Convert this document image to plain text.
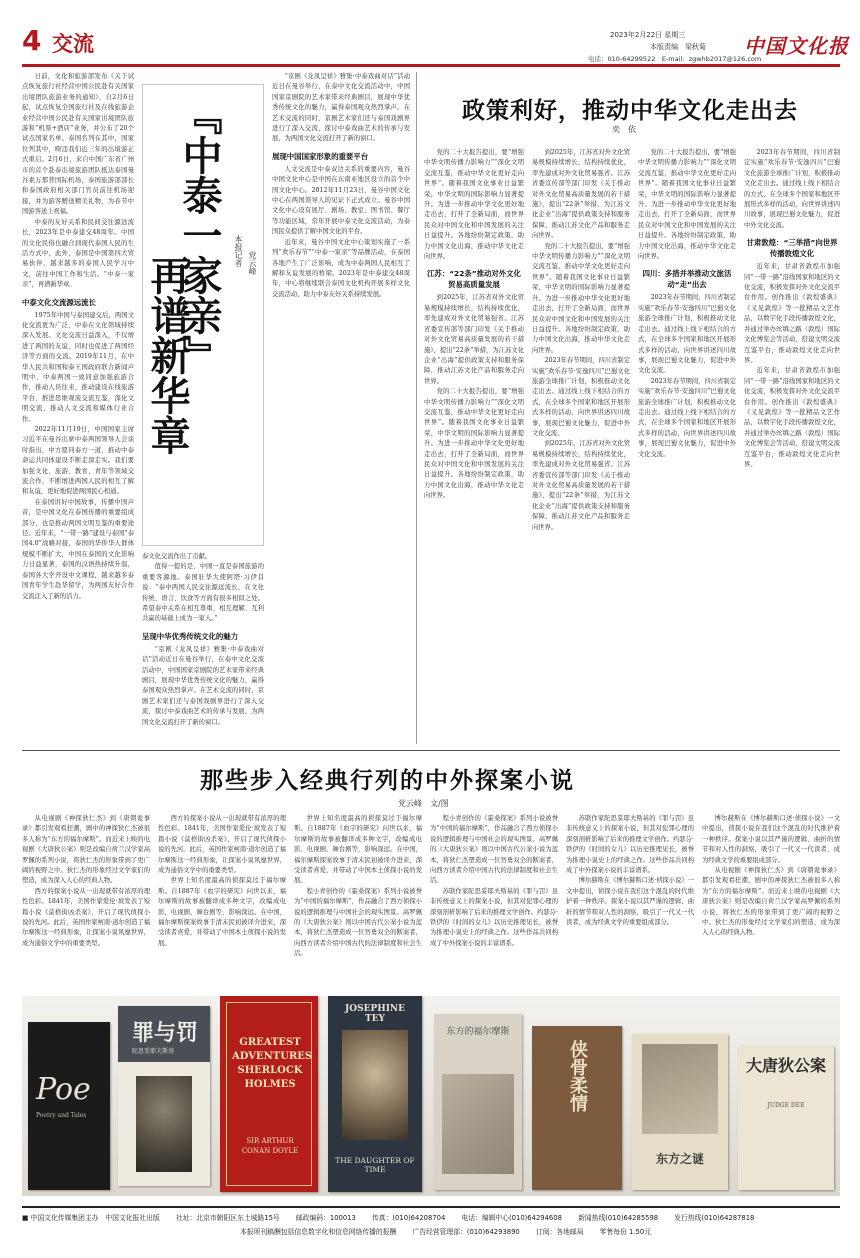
4 交流	2023年2月22日 星期三
本版责编　梁秋菊
电话：010-64299522　E-mail：zgwhb2017@126.com
中国文化报

日前，文化和旅游部发布《关于试点恢复旅行社经营中国公民赴有关国家出境团队旅游业务的通知》，自2月6日起，试点恢复全国旅行社及在线旅游企业经营中国公民赴有关国家出境团队旅游和“机票+酒店”业务，并公布了20个试点国家名单。泰国名列在其中，国家位列其中，暌违我们近三年的出境游正式重启。2月6日，来自中国广东省广州市的首个赴泰出境旅游团队抵达泰国曼谷素万那普国际机场，泰国旅游部部长和泰国政府相关部门官员前往机场迎接，并为游客赠送精美礼物，为春节中国游客送上祝福。

中泰的友好关系和民间交往源远流长，2023年是中泰建交48周年。中国的文化民俗也融合到现代泰国人民的生活方式中，此外，泰国是中国第四大贸易伙伴，越来越多的泰国人民学习中文，前往中国工作和生活。“中泰一家亲”，再谱新华章。

中泰文化交流源远流长

1975年中国与泰国建交后，两国文化交流更为广泛，中泰在文化领域持续深入发展。文化交流日益深入，不仅增进了两国的友谊，同时也促进了两国经济等方面的交流。2019年11月，在中华人民共和国和泰王国政府联合新闻声明中，中泰两国一致同意加强旅游合作，推动人员往来，推动建设在线旅游平台，推进思维观流交流互鉴，深化文明交流，推动人文交流和媒体行业合作。

2022年11月19日，中国国家主席习近平在曼谷出席中泰两国领导人会谈时指出，中方愿同泰方一道，推动中泰命运共同体建设不断走深走实。我们要加强文化、旅游、教育、青年等领域交流合作，不断增进两国人民的相互了解和友谊，更好地促进两国民心相通。

在泰国讲好中国故事，传播中国声音，是中国文化在泰国传播的重要组成部分，也是推动两国文明互鉴的重要途径。近年来，“一带一路”建设与泰国“泰国4.0”战略对接，泰国的华侨华人群体规模不断扩大，中国在泰国的文化影响力日益显著，泰国的汉语热持续升温，泰国各大学开设中文课程，越来越多泰国青年学生赴华留学，为两国友好合作交流注入了新的活力。

『中泰一家亲』
再谱新华章
本报记者 党云峰

泰文化交流作出了贡献。

值得一提的是，中国一直是泰国旅游的重要客源地。泰国驻华大使阿塔·习伊目说：“泰中两国人民交往源远流长，在文化传统、语言、饮食等方面有很多相似之处。希望泰中关系在相互尊重、相互理解、互利共赢的基础上成为一家人。”

呈现中华优秀传统文化的魅力

“京剧《龙凤呈祥》雅集·中泰戏曲对话”活动近日在曼谷举行，在泰中文化交流活动中，中国国家京剧院的艺术家带来经典剧目，展现中华优秀传统文化的魅力，赢得泰国观众热烈掌声。在艺术交流的同时，京剧艺术家们还与泰国戏剧界进行了深入交流，探讨中泰戏曲艺术的传承与发展，为两国文化交流打开了新的窗口。

“京剧《龙凤呈祥》雅集·中泰戏曲对话”活动近日在曼谷举行，在泰中文化交流活动中，中国国家京剧院的艺术家带来经典剧目，展现中华优秀传统文化的魅力，赢得泰国观众热烈掌声。在艺术交流的同时，京剧艺术家们还与泰国戏剧界进行了深入交流，探讨中泰戏曲艺术的传承与发展，为两国文化交流打开了新的窗口。

展现中国国家形象的重要平台

人文交流是中泰双边关系的重要内容，曼谷中国文化中心是中国在东南亚地区设立的首个中国文化中心。2012年11月23日，曼谷中国文化中心在两国领导人的见证下正式成立。曼谷中国文化中心设有展厅、剧场、教室、图书馆、餐厅等功能区域，常年开展中泰文化交流活动，为泰国民众提供了解中国文化的平台。

近年来，曼谷中国文化中心策划实施了一系列“欢乐春节”“中泰一家亲”等品牌活动，在泰国各地产生了广泛影响，成为中泰两国人民相互了解和友谊发展的桥梁。2023年是中泰建交48周年，中心将继续联合泰国文化机构开展多样文化交流活动，助力中泰友好关系持续发展。

政策利好，推动中华文化走出去
奕　依

党的二十大报告提出，要“增强中华文明传播力影响力”“深化文明交流互鉴，推动中华文化更好走向世界”。随着我国文化事业日益繁荣，中华文明的国际影响力显著提升。为进一步推动中华文化更好地走出去，打开了全新局面，而世界民众对中国文化和中国发展的关注日益提升。各地纷纷制定政策，助力中国文化出海，推动中华文化走向世界。

江苏：“22条”推动对外文化贸易高质量发展

到2025年，江苏省对外文化贸易规模持续增长，结构持续优化，率先建成对外文化贸易强省。江苏省委宣传部等部门印发《关于推动对外文化贸易高质量发展的若干措施》，提出“22条”举措，为江苏文化企业“出海”提供政策支持和服务保障，推动江苏文化产品和服务走向世界。

党的二十大报告提出，要“增强中华文明传播力影响力”“深化文明交流互鉴，推动中华文化更好走向世界”。随着我国文化事业日益繁荣，中华文明的国际影响力显著提升。为进一步推动中华文化更好地走出去，打开了全新局面，而世界民众对中国文化和中国发展的关注日益提升。各地纷纷制定政策，助力中国文化出海，推动中华文化走向世界。

到2025年，江苏省对外文化贸易规模持续增长，结构持续优化，率先建成对外文化贸易强省。江苏省委宣传部等部门印发《关于推动对外文化贸易高质量发展的若干措施》，提出“22条”举措，为江苏文化企业“出海”提供政策支持和服务保障，推动江苏文化产品和服务走向世界。

党的二十大报告提出，要“增强中华文明传播力影响力”“深化文明交流互鉴，推动中华文化更好走向世界”。随着我国文化事业日益繁荣，中华文明的国际影响力显著提升。为进一步推动中华文化更好地走出去，打开了全新局面，而世界民众对中国文化和中国发展的关注日益提升。各地纷纷制定政策，助力中国文化出海，推动中华文化走向世界。

2023年春节期间，四川省制定实施“欢乐春节·安逸四川”巴蜀文化旅游全球推广计划，积极推动文化走出去。通过线上线下相结合的方式，在全球多个国家和地区开展形式多样的活动，向世界讲述四川故事，展现巴蜀文化魅力，促进中外文化交流。

到2025年，江苏省对外文化贸易规模持续增长，结构持续优化，率先建成对外文化贸易强省。江苏省委宣传部等部门印发《关于推动对外文化贸易高质量发展的若干措施》，提出“22条”举措，为江苏文化企业“出海”提供政策支持和服务保障，推动江苏文化产品和服务走向世界。

党的二十大报告提出，要“增强中华文明传播力影响力”“深化文明交流互鉴，推动中华文化更好走向世界”。随着我国文化事业日益繁荣，中华文明的国际影响力显著提升。为进一步推动中华文化更好地走出去，打开了全新局面，而世界民众对中国文化和中国发展的关注日益提升。各地纷纷制定政策，助力中国文化出海，推动中华文化走向世界。

四川：多措并举推动文旅活动“走”出去

2023年春节期间，四川省制定实施“欢乐春节·安逸四川”巴蜀文化旅游全球推广计划，积极推动文化走出去。通过线上线下相结合的方式，在全球多个国家和地区开展形式多样的活动，向世界讲述四川故事，展现巴蜀文化魅力，促进中外文化交流。

2023年春节期间，四川省制定实施“欢乐春节·安逸四川”巴蜀文化旅游全球推广计划，积极推动文化走出去。通过线上线下相结合的方式，在全球多个国家和地区开展形式多样的活动，向世界讲述四川故事，展现巴蜀文化魅力，促进中外文化交流。

2023年春节期间，四川省制定实施“欢乐春节·安逸四川”巴蜀文化旅游全球推广计划，积极推动文化走出去。通过线上线下相结合的方式，在全球多个国家和地区开展形式多样的活动，向世界讲述四川故事，展现巴蜀文化魅力，促进中外文化交流。

甘肃敦煌：“三举措”向世界传播敦煌文化

近年来，甘肃省敦煌市加强同“一带一路”沿线国家和地区的文化交流，积极发挥对外文化交流平台作用。创作推出《敦煌盛典》《又见敦煌》等一批精品文艺作品，以数字化手段传播敦煌文化，并通过举办丝绸之路（敦煌）国际文化博览会等活动，搭建文明交流互鉴平台，推动敦煌文化走向世界。

近年来，甘肃省敦煌市加强同“一带一路”沿线国家和地区的文化交流，积极发挥对外文化交流平台作用。创作推出《敦煌盛典》《又见敦煌》等一批精品文艺作品，以数字化手段传播敦煌文化，并通过举办丝绸之路（敦煌）国际文化博览会等活动，搭建文明交流互鉴平台，推动敦煌文化走向世界。

那些步入经典行列的中外探案小说
党云峰　文/图

从电视剧《神探狄仁杰》到《唐朝诡事录》都引发观看狂潮，剧中的神探狄仁杰被很多人称为“东方的福尔摩斯”。而近来上映的电视剧《大唐狄公案》则是改编自荷兰汉学家高罗佩的系列小说，将狄仁杰的形象带到了更广阔的视野之中。狄仁杰的形象经过文学家们的塑造，成为深入人心的经典人物。

西方的探案小说从一出现就带有浓厚的理性色彩。1841年，美国作家爱伦·坡发表了短篇小说《莫格街凶杀案》，开启了现代侦探小说的先河。此后，英国作家柯南·道尔创造了福尔摩斯这一经典形象，让探案小说风靡世界，成为通俗文学中的重要类型。

西方的探案小说从一出现就带有浓厚的理性色彩。1841年，美国作家爱伦·坡发表了短篇小说《莫格街凶杀案》，开启了现代侦探小说的先河。此后，英国作家柯南·道尔创造了福尔摩斯这一经典形象，让探案小说风靡世界，成为通俗文学中的重要类型。

世界上知名度最高的侦探莫过于福尔摩斯。自1887年《血字的研究》问世以来，福尔摩斯的故事被翻译成多种文字，改编成电影、电视剧、舞台剧等，影响深远。在中国，福尔摩斯探案故事于清末民初被译介进来，深受读者喜爱，并带动了中国本土侦探小说的发展。

世界上知名度最高的侦探莫过于福尔摩斯。自1887年《血字的研究》问世以来，福尔摩斯的故事被翻译成多种文字，改编成电影、电视剧、舞台剧等，影响深远。在中国，福尔摩斯探案故事于清末民初被译介进来，深受读者喜爱，并带动了中国本土侦探小说的发展。

程小青创作的《霍桑探案》系列小说被誉为“中国的福尔摩斯”，作品融合了西方侦探小说的逻辑推理与中国社会的现实图景。高罗佩的《大唐狄公案》则以中国古代公案小说为蓝本，将狄仁杰塑造成一位智勇双全的断案者，向西方读者介绍中国古代的法律制度和社会生活。

程小青创作的《霍桑探案》系列小说被誉为“中国的福尔摩斯”，作品融合了西方侦探小说的逻辑推理与中国社会的现实图景。高罗佩的《大唐狄公案》则以中国古代公案小说为蓝本，将狄仁杰塑造成一位智勇双全的断案者，向西方读者介绍中国古代的法律制度和社会生活。

苏联作家陀思妥耶夫斯基的《罪与罚》虽非传统意义上的探案小说，但其对犯罪心理的深刻剖析影响了后来的推理文学创作。约瑟芬·铁伊的《时间的女儿》以历史推理见长，被誉为推理小说史上的经典之作。这些作品共同构成了中外探案小说的丰富谱系。

苏联作家陀思妥耶夫斯基的《罪与罚》虽非传统意义上的探案小说，但其对犯罪心理的深刻剖析影响了后来的推理文学创作。约瑟芬·铁伊的《时间的女儿》以历史推理见长，被誉为推理小说史上的经典之作。这些作品共同构成了中外探案小说的丰富谱系。

博尔赫斯在《博尔赫斯口述·侦探小说》一文中提出，侦探小说在我们这个混乱的时代维护着一种秩序。探案小说以其严谨的逻辑、曲折的情节和对人性的洞察，吸引了一代又一代读者，成为经典文学的重要组成部分。

博尔赫斯在《博尔赫斯口述·侦探小说》一文中提出，侦探小说在我们这个混乱的时代维护着一种秩序。探案小说以其严谨的逻辑、曲折的情节和对人性的洞察，吸引了一代又一代读者，成为经典文学的重要组成部分。

从电视剧《神探狄仁杰》到《唐朝诡事录》都引发观看狂潮，剧中的神探狄仁杰被很多人称为“东方的福尔摩斯”。而近来上映的电视剧《大唐狄公案》则是改编自荷兰汉学家高罗佩的系列小说，将狄仁杰的形象带到了更广阔的视野之中。狄仁杰的形象经过文学家们的塑造，成为深入人心的经典人物。

Poe
Poetry and Tales
罪与罚
陀思妥耶夫斯基
GREATEST ADVENTURES SHERLOCK HOLMES
SIR ARTHUR CONAN DOYLE
JOSEPHINE TEY
THE DAUGHTER OF TIME
东方的福尔摩斯
侠骨柔情
东方之谜
大唐狄公案
JUDGE DEE
■ 中国文化传媒集团主办　中国文化报社出版 社址：北京市朝阳区东土城路15号 邮政编码：100013 传真：(010)64208704 电话：编辑中心(010)64294608 新闻热线(010)64285598 发行热线(010)64287818
本报所刊稿酬包括信息数字化和信息网络传播的报酬 广告经营管理部：(010)64293890 订阅：各地邮局 零售每份 1.50元
